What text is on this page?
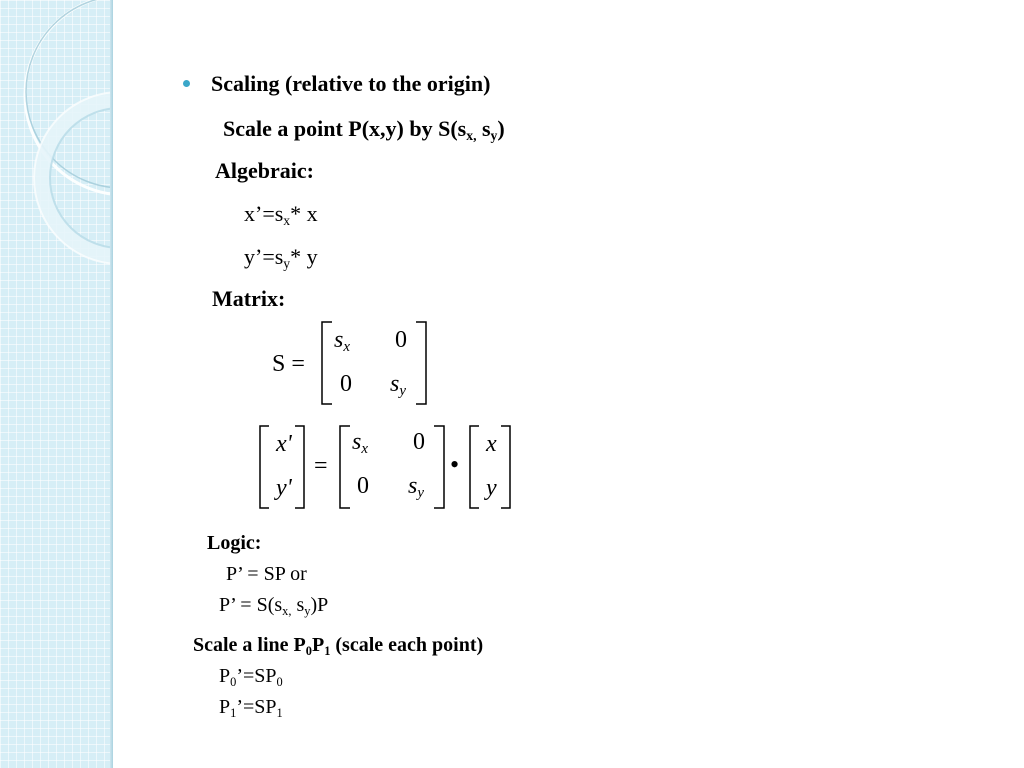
Scaling (relative to the origin)
Scale a point P(x,y) by $S(s_{x,}$ $s_y$)
Algebraic:
$x’=s_x*$ x
$y’=s_y*$ y
Matrix:
S =
$s_x$ 0
0 $s_y$
x'
y'
=
$s_x$ 0
0 $s_y$
•
x
y
Logic:
P’ = SP or
P’ = $S(s_{x,}$ $s_y)P$
Scale a line $P_0P_1$ (scale each point)
$P_0’=SP_0$
$P_1’=SP_1$
